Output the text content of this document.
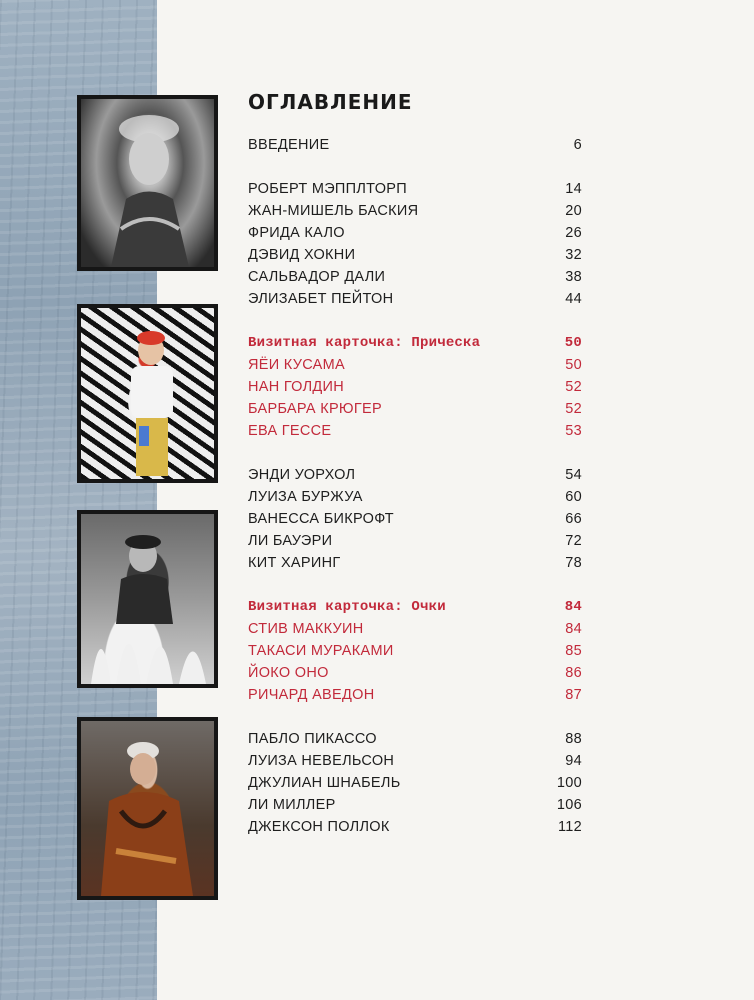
ОГЛАВЛЕНИЕ
ВВЕДЕНИЕ	6
РОБЕРТ МЭППЛТОРП	14
ЖАН-МИШЕЛЬ БАСКИЯ	20
ФРИДА КАЛО	26
ДЭВИД ХОКНИ	32
САЛЬВАДОР ДАЛИ	38
ЭЛИЗАБЕТ ПЕЙТОН	44
Визитная карточка: Прическа	50
ЯЁИ КУСАМА	50
НАН ГОЛДИН	52
БАРБАРА КРЮГЕР	52
ЕВА ГЕССЕ	53
ЭНДИ УОРХОЛ	54
ЛУИЗА БУРЖУА	60
ВАНЕССА БИКРОФТ	66
ЛИ БАУЭРИ	72
КИТ ХАРИНГ	78
Визитная карточка: Очки	84
СТИВ МАККУИН	84
ТАКАСИ МУРАКАМИ	85
ЙОКО ОНО	86
РИЧАРД АВЕДОН	87
ПАБЛО ПИКАССО	88
ЛУИЗА НЕВЕЛЬСОН	94
ДЖУЛИАН ШНАБЕЛЬ	100
ЛИ МИЛЛЕР	106
ДЖЕКСОН ПОЛЛОК	112
